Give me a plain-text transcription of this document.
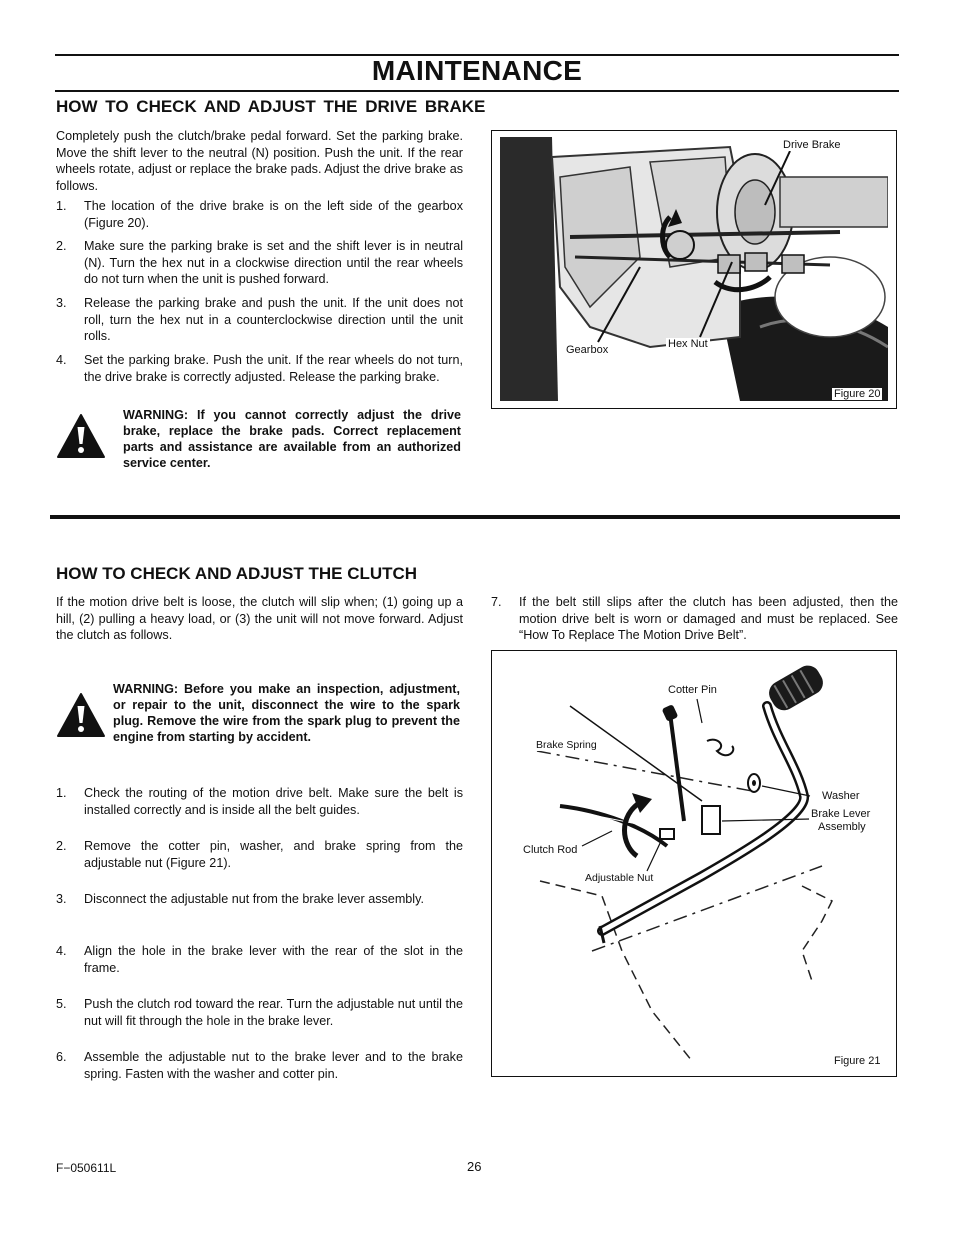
MAINTENANCE
HOW TO CHECK AND ADJUST THE DRIVE BRAKE
Completely push the clutch/brake pedal forward. Set the parking brake. Move the shift lever to the neutral (N) position. Push the unit. If the rear wheels rotate, adjust or replace the brake pads. Adjust the drive brake as follows.
1. The location of the drive brake is on the left side of the gearbox (Figure 20).
2. Make sure the parking brake is set and the shift lever is in neutral (N). Turn the hex nut in a clockwise direction until the rear wheels do not turn when the unit is pushed forward.
3. Release the parking brake and push the unit. If the unit does not roll, turn the hex nut in a counterclockwise direction until the unit rolls.
4. Set the parking brake. Push the unit. If the rear wheels do not turn, the drive brake is correctly adjusted. Release the parking brake.
WARNING: If you cannot correctly adjust the drive brake, replace the brake pads. Correct replacement parts and assistance are available from an authorized service center.
Drive Brake
Gearbox	Hex Nut
Figure 20
HOW TO CHECK AND ADJUST THE CLUTCH
If the motion drive belt is loose, the clutch will slip when; (1) going up a hill, (2) pulling a heavy load, or (3) the unit will not move forward. Adjust the clutch as follows.
WARNING: Before you make an inspection, adjustment, or repair to the unit, disconnect the wire to the spark plug. Remove the wire from the spark plug to prevent the engine from starting by accident.
1. Check the routing of the motion drive belt. Make sure the belt is installed correctly and is inside all the belt guides.
2. Remove the cotter pin, washer, and brake spring from the adjustable nut (Figure 21).
3. Disconnect the adjustable nut from the brake lever assembly.
4. Align the hole in the brake lever with the rear of the slot in the frame.
5. Push the clutch rod toward the rear. Turn the adjustable nut until the nut will fit through the hole in the brake lever.
6. Assemble the adjustable nut to the brake lever and to the brake spring. Fasten with the washer and cotter pin.
7. If the belt still slips after the clutch has been adjusted, then the motion drive belt is worn or damaged and must be replaced. See “How To Replace The Motion Drive Belt”.
Cotter Pin
Brake Spring
Washer
Brake Lever
Assembly
Clutch Rod
Adjustable Nut
Figure 21
F−050611L	26
